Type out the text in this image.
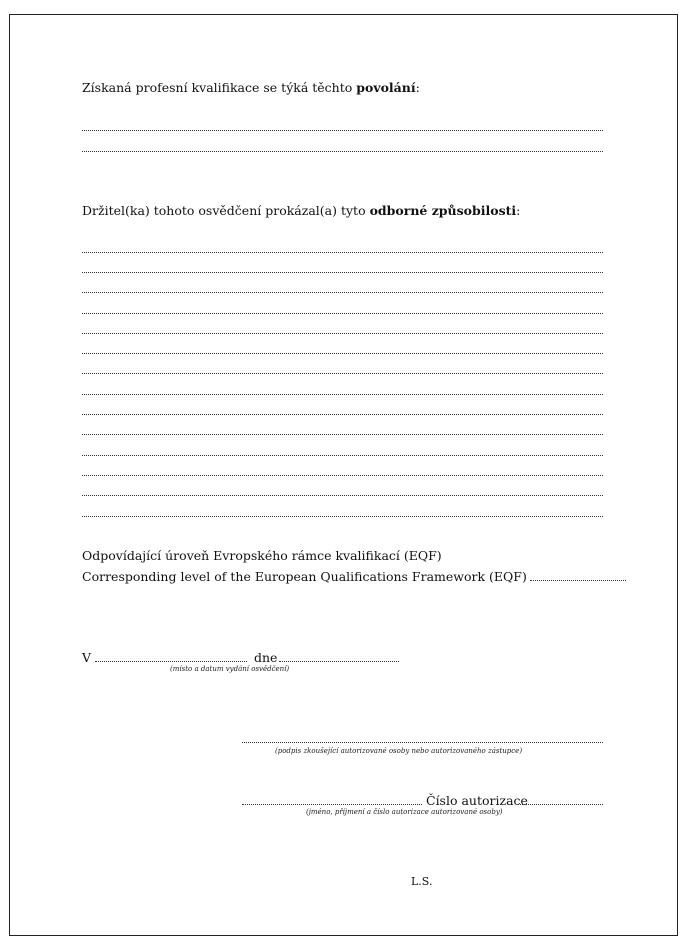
Získaná profesní kvalifikace se týká těchto povolání:
Držitel(ka) tohoto osvědčení prokázal(a) tyto odborné způsobilosti:
Odpovídající úroveň Evropského rámce kvalifikací (EQF)
Corresponding level of the European Qualifications Framework (EQF)
V	dne
(místo a datum vydání osvědčení)
(podpis zkoušející autorizované osoby nebo autorizovaného zástupce)
Číslo autorizace
(jméno, příjmení a číslo autorizace autorizované osoby)
L.S.
